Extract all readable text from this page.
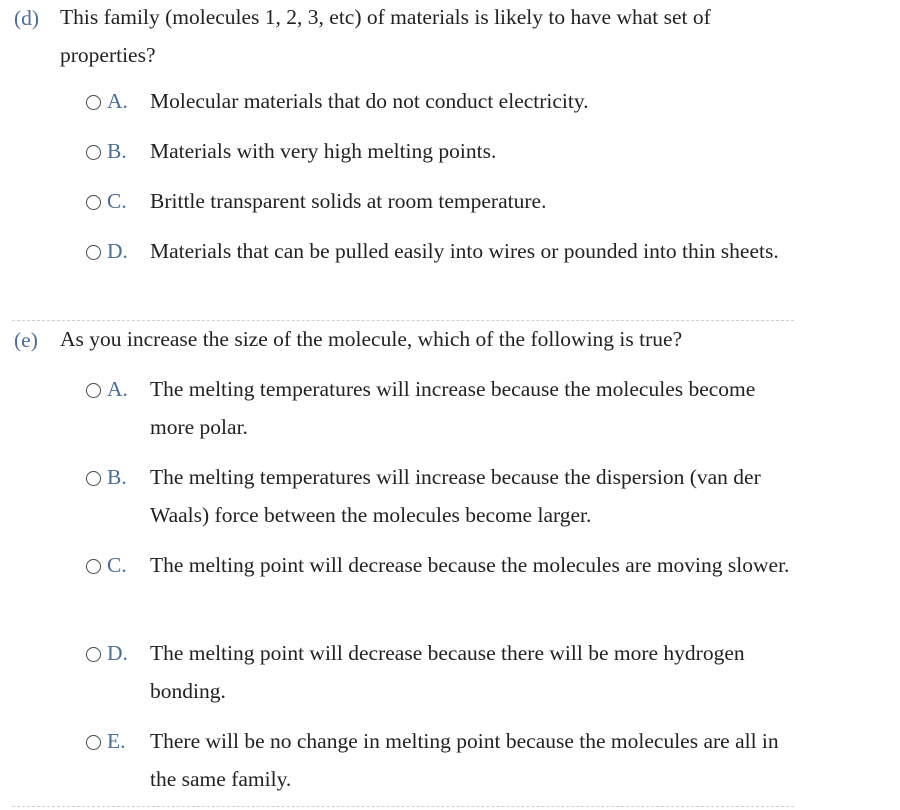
(d) This family (molecules 1, 2, 3, etc) of materials is likely to have what set of properties?
A. Molecular materials that do not conduct electricity.
B. Materials with very high melting points.
C. Brittle transparent solids at room temperature.
D. Materials that can be pulled easily into wires or pounded into thin sheets.
(e) As you increase the size of the molecule, which of the following is true?
A. The melting temperatures will increase because the molecules become more polar.
B. The melting temperatures will increase because the dispersion (van der Waals) force between the molecules become larger.
C. The melting point will decrease because the molecules are moving slower.
D. The melting point will decrease because there will be more hydrogen bonding.
E. There will be no change in melting point because the molecules are all in the same family.
